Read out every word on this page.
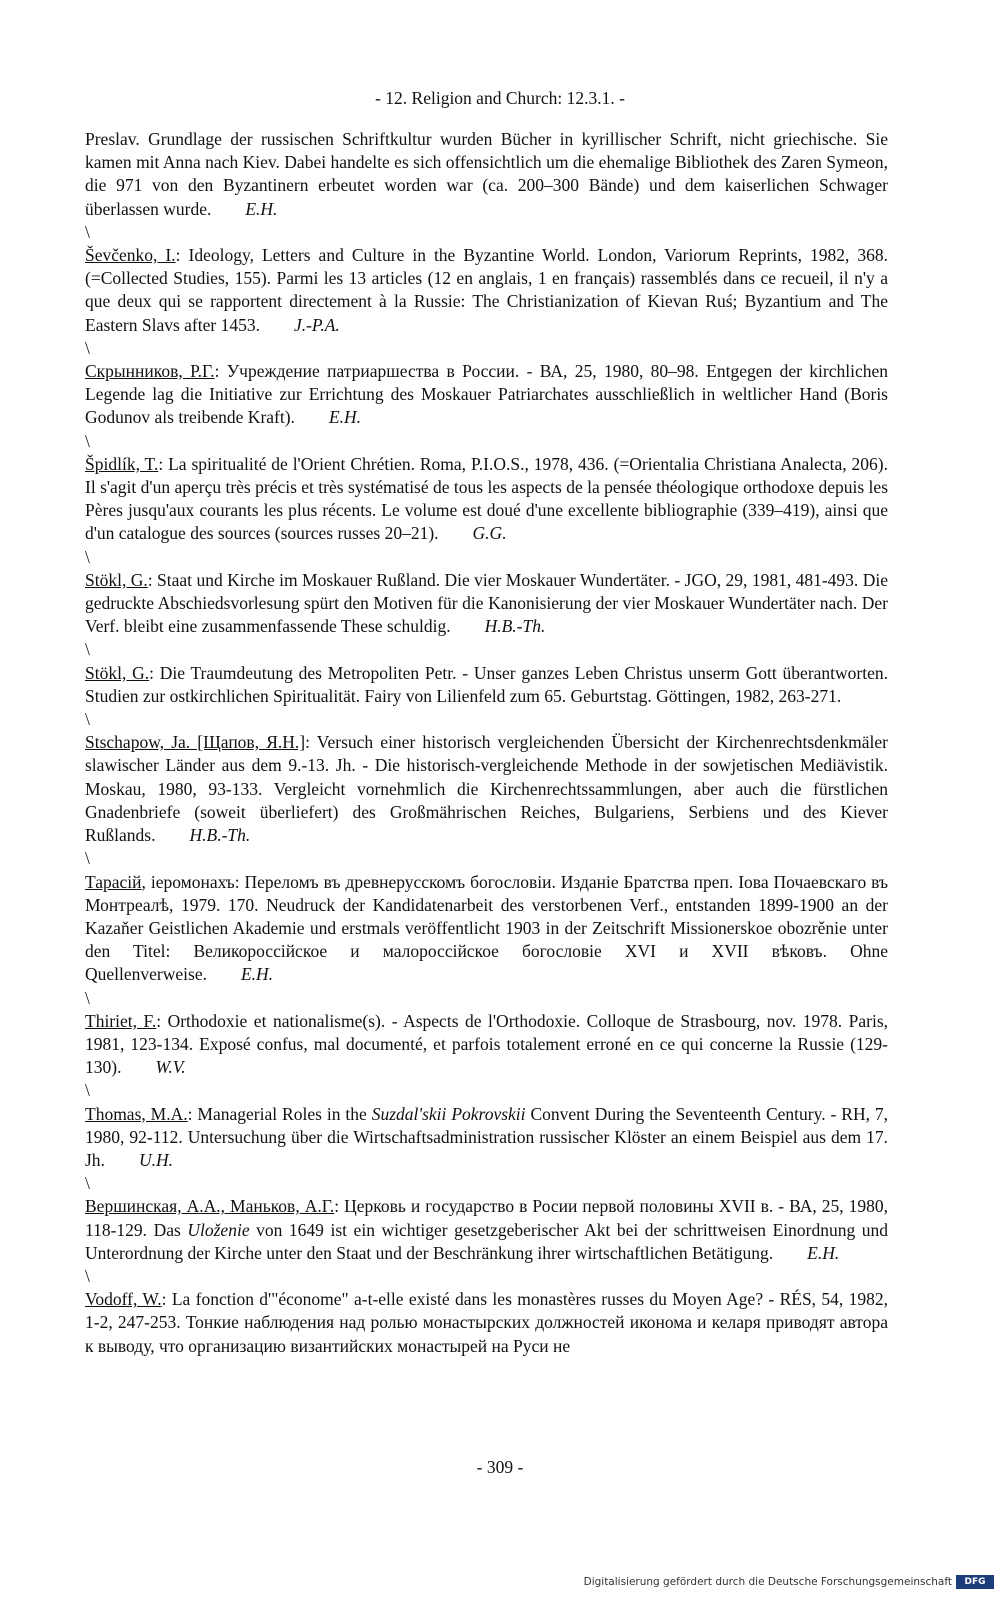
- 12. Religion and Church: 12.3.1. -

Preslav. Grundlage der russischen Schriftkultur wurden Bücher in kyrillischer Schrift, nicht griechische. Sie kamen mit Anna nach Kiev. Dabei handelte es sich offensichtlich um die ehemalige Bibliothek des Zaren Symeon, die 971 von den Byzantinern erbeutet worden war (ca. 200–300 Bände) und dem kaiserlichen Schwager überlassen wurde. E.H.

\

Ševčenko, I.: Ideology, Letters and Culture in the Byzantine World. London, Variorum Reprints, 1982, 368. (=Collected Studies, 155). Parmi les 13 articles (12 en anglais, 1 en français) rassemblés dans ce recueil, il n'y a que deux qui se rapportent directement à la Russie: The Christianization of Kievan Ruś; Byzantium and The Eastern Slavs after 1453. J.-P.A.

\

Скрынников, Р.Г.: Учреждение патриаршества в России. - ВА, 25, 1980, 80–98. Entgegen der kirchlichen Legende lag die Initiative zur Errichtung des Moskauer Patriarchates ausschließlich in weltlicher Hand (Boris Godunov als treibende Kraft). E.H.

\

Špidlík, T.: La spiritualité de l'Orient Chrétien. Roma, P.I.O.S., 1978, 436. (=Orientalia Christiana Analecta, 206). Il s'agit d'un aperçu très précis et très systématisé de tous les aspects de la pensée théologique orthodoxe depuis les Pères jusqu'aux courants les plus récents. Le volume est doué d'une excellente bibliographie (339–419), ainsi que d'un catalogue des sources (sources russes 20–21). G.G.

\

Stökl, G.: Staat und Kirche im Moskauer Rußland. Die vier Moskauer Wundertäter. - JGO, 29, 1981, 481-493. Die gedruckte Abschiedsvorlesung spürt den Motiven für die Kanonisierung der vier Moskauer Wundertäter nach. Der Verf. bleibt eine zusammenfassende These schuldig. H.B.-Th.

\

Stökl, G.: Die Traumdeutung des Metropoliten Petr. - Unser ganzes Leben Christus unserm Gott überantworten. Studien zur ostkirchlichen Spiritualität. Fairy von Lilienfeld zum 65. Geburtstag. Göttingen, 1982, 263-271.

\

Stschapow, Ja. [Щапов, Я.Н.]: Versuch einer historisch vergleichenden Übersicht der Kirchenrechtsdenkmäler slawischer Länder aus dem 9.-13. Jh. - Die historisch-vergleichende Methode in der sowjetischen Mediävistik. Moskau, 1980, 93-133. Vergleicht vornehmlich die Kirchenrechtssammlungen, aber auch die fürstlichen Gnadenbriefe (soweit überliefert) des Großmährischen Reiches, Bulgariens, Serbiens und des Kiever Rußlands. H.B.-Th.

\

Тарасій, іеромонахъ: Переломъ въ древнерусскомъ богословіи. Изданіе Братства преп. Іова Почаевскаго въ Монтреалѣ, 1979. 170. Neudruck der Kandidatenarbeit des verstorbenen Verf., entstanden 1899-1900 an der Kazaňer Geistlichen Akademie und erstmals veröffentlicht 1903 in der Zeitschrift Missionerskoe obozrěnie unter den Titel: Великороссійское и малороссійское богословіе XVI и XVII вѣковъ. Ohne Quellenverweise. E.H.

\

Thiriet, F.: Orthodoxie et nationalisme(s). - Aspects de l'Orthodoxie. Colloque de Strasbourg, nov. 1978. Paris, 1981, 123-134. Exposé confus, mal documenté, et parfois totalement erroné en ce qui concerne la Russie (129-130). W.V.

\

Thomas, M.A.: Managerial Roles in the Suzdal'skii Pokrovskii Convent During the Seventeenth Century. - RH, 7, 1980, 92-112. Untersuchung über die Wirtschaftsadministration russischer Klöster an einem Beispiel aus dem 17. Jh. U.H.

\

Вершинская, А.А., Маньков, А.Г.: Церковь и государство в Росии первой половины XVII в. - ВА, 25, 1980, 118-129. Das Uloženie von 1649 ist ein wichtiger gesetzgeberischer Akt bei der schrittweisen Einordnung und Unterordnung der Kirche unter den Staat und der Beschränkung ihrer wirtschaftlichen Betätigung. E.H.

\

Vodoff, W.: La fonction d'"économe" a-t-elle existé dans les monastères russes du Moyen Age? - RÉS, 54, 1982, 1-2, 247-253. Тонкие наблюдения над ролью монастырских должностей иконома и келаря приводят автора к выводу, что организацию византийских монастырей на Руси не

- 309 -
Digitalisierung gefördert durch die Deutsche Forschungsgemeinschaft	DFG
